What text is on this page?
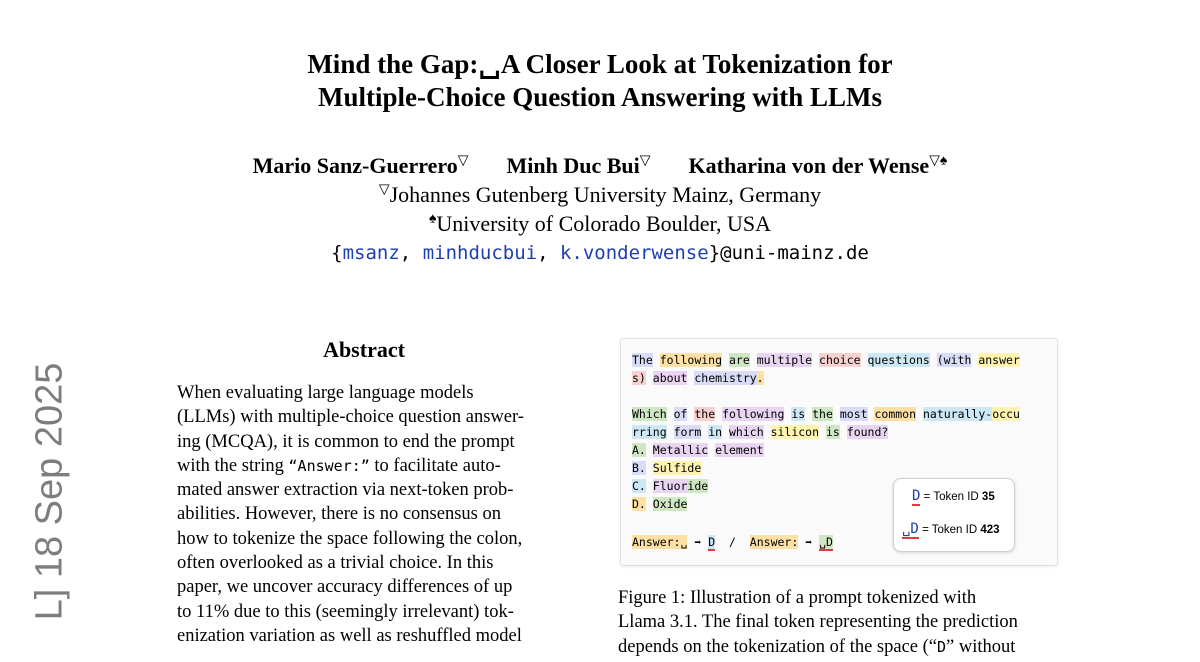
Mind the Gap:␣A Closer Look at Tokenization for
Multiple-Choice Question Answering with LLMs
Mario Sanz-Guerrero▽ Minh Duc Bui▽ Katharina von der Wense▽♠
▽Johannes Gutenberg University Mainz, Germany
♠University of Colorado Boulder, USA
{msanz, minhducbui, k.vonderwense}@uni-mainz.de
L] 18 Sep 2025
Abstract
When evaluating large language models
(LLMs) with multiple-choice question answer-
ing (MCQA), it is common to end the prompt
with the string “Answer:” to facilitate auto-
mated answer extraction via next-token prob-
abilities. However, there is no consensus on
how to tokenize the space following the colon,
often overlooked as a trivial choice. In this
paper, we uncover accuracy differences of up
to 11% due to this (seemingly irrelevant) tok-
enization variation as well as reshuffled model
The following are multiple choice questions (with answer
s) about chemistry.
Which of the following is the most common naturally-occu
rring form in which silicon is found?
A. Metallic element
B. Sulfide
C. Fluoride
D. Oxide
Answer:␣ ➡ D / Answer: ➡ ␣D
D = Token ID 35
␣D = Token ID 423
Figure 1: Illustration of a prompt tokenized with
Llama 3.1. The final token representing the prediction
depends on the tokenization of the space (“D” without
